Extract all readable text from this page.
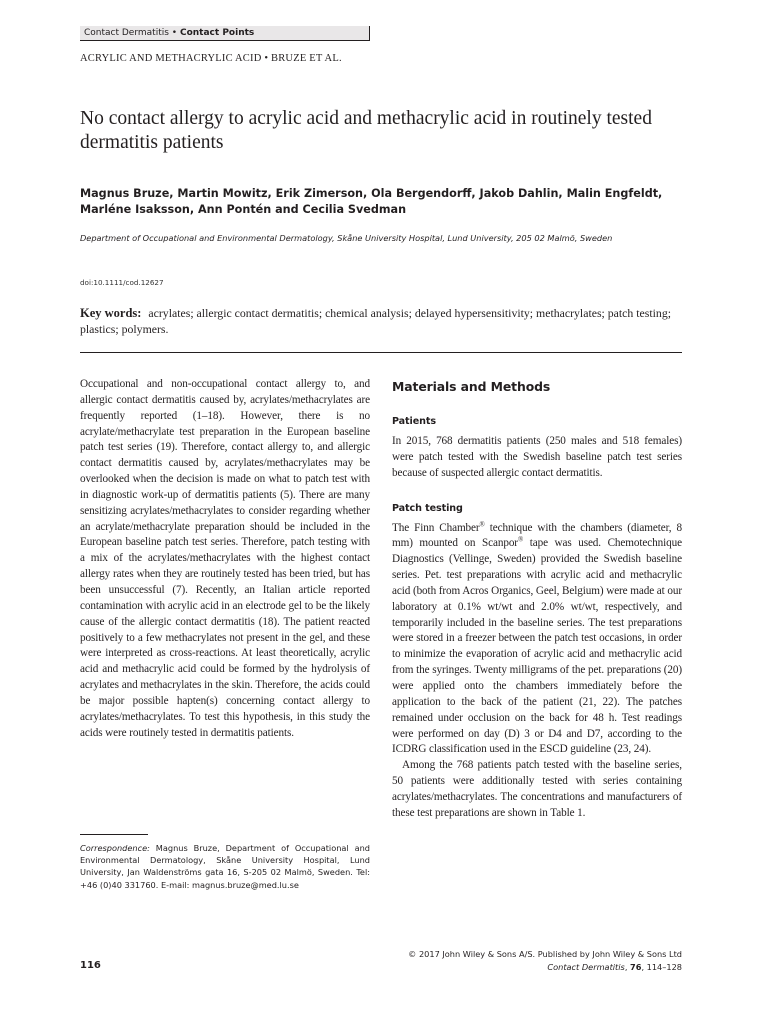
Contact Dermatitis • Contact Points
ACRYLIC AND METHACRYLIC ACID • BRUZE ET AL.
No contact allergy to acrylic acid and methacrylic acid in routinely tested dermatitis patients

Magnus Bruze, Martin Mowitz, Erik Zimerson, Ola Bergendorff, Jakob Dahlin, Malin Engfeldt, Marléne Isaksson, Ann Pontén and Cecilia Svedman

Department of Occupational and Environmental Dermatology, Skåne University Hospital, Lund University, 205 02 Malmö, Sweden

doi:10.1111/cod.12627

Key words: acrylates; allergic contact dermatitis; chemical analysis; delayed hypersensitivity; methacrylates; patch testing; plastics; polymers.

Occupational and non-occupational contact allergy to, and allergic contact dermatitis caused by, acrylates/methacrylates are frequently reported (1–18). However, there is no acrylate/methacrylate test preparation in the European baseline patch test series (19). Therefore, contact allergy to, and allergic contact dermatitis caused by, acrylates/methacrylates may be overlooked when the decision is made on what to patch test with in diagnostic work-up of dermatitis patients (5). There are many sensitizing acrylates/methacrylates to consider regarding whether an acrylate/methacrylate preparation should be included in the European baseline patch test series. Therefore, patch testing with a mix of the acrylates/methacrylates with the highest contact allergy rates when they are routinely tested has been tried, but has been unsuccessful (7). Recently, an Italian article reported contamination with acrylic acid in an electrode gel to be the likely cause of the allergic contact dermatitis (18). The patient reacted positively to a few methacrylates not present in the gel, and these were interpreted as cross-reactions. At least theoretically, acrylic acid and methacrylic acid could be formed by the hydrolysis of acrylates and methacrylates in the skin. Therefore, the acids could be major possible hapten(s) concerning contact allergy to acrylates/methacrylates. To test this hypothesis, in this study the acids were routinely tested in dermatitis patients.

Materials and Methods
Patients

In 2015, 768 dermatitis patients (250 males and 518 females) were patch tested with the Swedish baseline patch test series because of suspected allergic contact dermatitis.

Patch testing

The Finn Chamber® technique with the chambers (diameter, 8 mm) mounted on Scanpor® tape was used. Chemotechnique Diagnostics (Vellinge, Sweden) provided the Swedish baseline series. Pet. test preparations with acrylic acid and methacrylic acid (both from Acros Organics, Geel, Belgium) were made at our laboratory at 0.1% wt/wt and 2.0% wt/wt, respectively, and temporarily included in the baseline series. The test preparations were stored in a freezer between the patch test occasions, in order to minimize the evaporation of acrylic acid and methacrylic acid from the syringes. Twenty milligrams of the pet. preparations (20) were applied onto the chambers immediately before the application to the back of the patient (21, 22). The patches remained under occlusion on the back for 48 h. Test readings were performed on day (D) 3 or D4 and D7, according to the ICDRG classification used in the ESCD guideline (23, 24).

Among the 768 patients patch tested with the baseline series, 50 patients were additionally tested with series containing acrylates/methacrylates. The concentrations and manufacturers of these test preparations are shown in Table 1.

Correspondence: Magnus Bruze, Department of Occupational and Environmental Dermatology, Skåne University Hospital, Lund University, Jan Waldenströms gata 16, S-205 02 Malmö, Sweden. Tel: +46 (0)40 331760. E-mail: magnus.bruze@med.lu.se

116
© 2017 John Wiley & Sons A/S. Published by John Wiley & Sons Ltd
Contact Dermatitis, 76, 114–128
